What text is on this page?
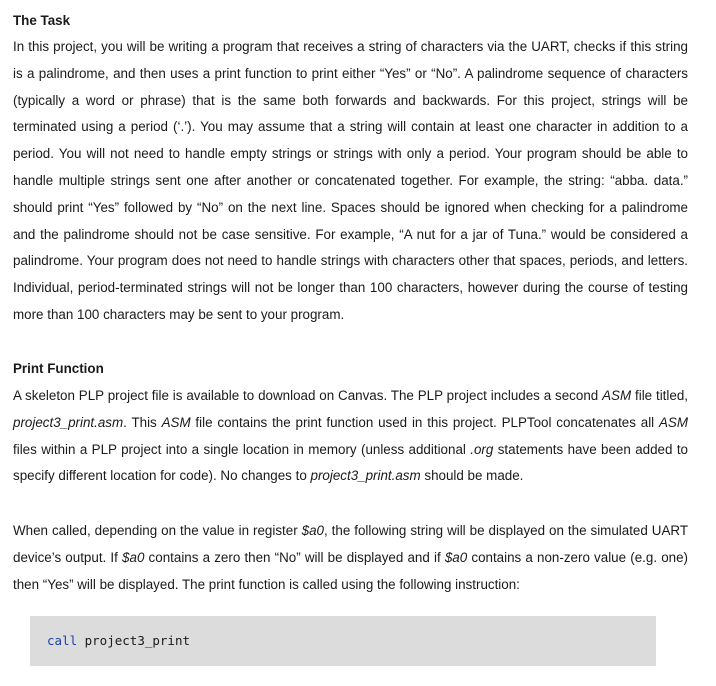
The Task

In this project, you will be writing a program that receives a string of characters via the UART, checks if this string is a palindrome, and then uses a print function to print either “Yes” or “No”. A palindrome sequence of characters (typically a word or phrase) that is the same both forwards and backwards. For this project, strings will be terminated using a period (‘.’). You may assume that a string will contain at least one character in addition to a period. You will not need to handle empty strings or strings with only a period. Your program should be able to handle multiple strings sent one after another or concatenated together. For example, the string: “abba. data.” should print “Yes” followed by “No” on the next line. Spaces should be ignored when checking for a palindrome and the palindrome should not be case sensitive. For example, “A nut for a jar of Tuna.” would be considered a palindrome. Your program does not need to handle strings with characters other that spaces, periods, and letters. Individual, period-terminated strings will not be longer than 100 characters, however during the course of testing more than 100 characters may be sent to your program.

Print Function

A skeleton PLP project file is available to download on Canvas. The PLP project includes a second ASM file titled, project3_print.asm. This ASM file contains the print function used in this project. PLPTool concatenates all ASM files within a PLP project into a single location in memory (unless additional .org statements have been added to specify different location for code). No changes to project3_print.asm should be made.

When called, depending on the value in register $a0, the following string will be displayed on the simulated UART device’s output. If $a0 contains a zero then “No” will be displayed and if $a0 contains a non-zero value (e.g. one) then “Yes” will be displayed. The print function is called using the following instruction:

call project3_print
